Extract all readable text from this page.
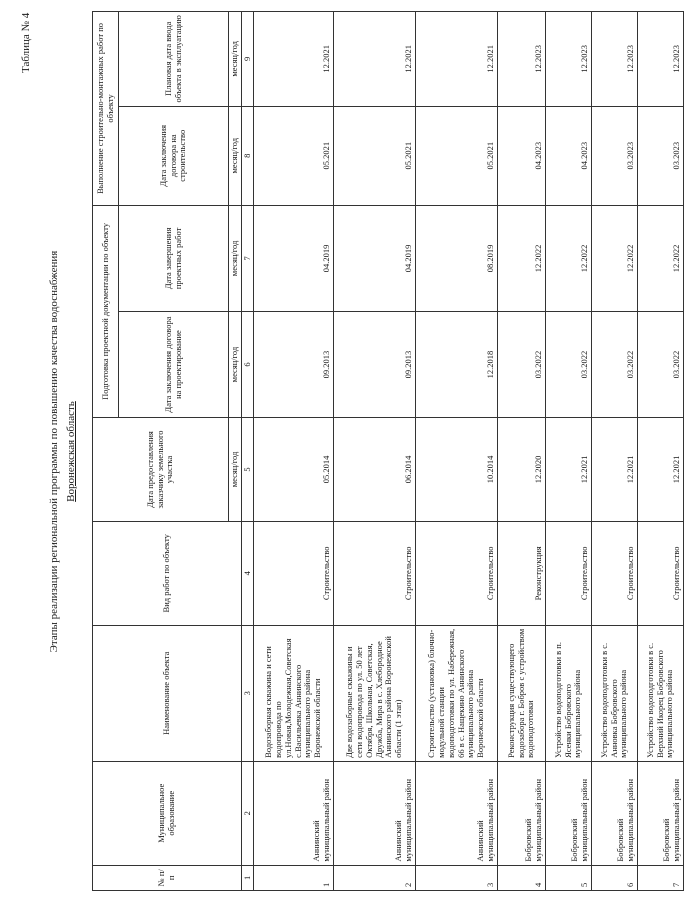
Таблица № 4
Этапы реализации региональной программы по повышению качества водоснабжения Воронежская область
№ п/п	Муниципальное образование	Наименование объекта	Вид работ по объекту	Дата предоставления заказчику земельного участка	Подготовка проектной документации по объекту		Выполнение строительно-монтажных работ по объекту	
					Дата заключения договора на проектирование	Дата завершения проектных работ	Дата заключения договора на строительство	Плановая дата ввода объекта в эксплуатацию
				месяц/год	месяц/год	месяц/год	месяц/год	месяц/год
1	2	3	4	5	6	7	8	9
1	Аннинский муниципальный район	Водозаборная скважина и сети водопровода по ул.Новая,Молодежная,Советская с.Васильевка Аннинского муниципального района Воронежской области	Строительство	05.2014	09.2013	04.2019	05.2021	12.2021
2	Аннинский муниципальный район	Две водозаборные скважины и сети водопровода по ул. 50 лет Октября, Школьная, Советская, Дружба, Мира в с. Хлебородное Аннинского района Воронежской области (1 этап)	Строительство	06.2014	09.2013	04.2019	05.2021	12.2021
3	Аннинский муниципальный район	Строительство (установка) блочно-модульной станции водоподготовки по ул. Набережная, 66 в с. Нащекино Аннинского муниципального района Воронежской области	Строительство	10.2014	12.2018	08.2019	05.2021	12.2021
4	Бобровский муниципальный район	Реконструкция существующего водозабора г. Бобров с устройством водоподготовки	Реконструкция	12.2020	03.2022	12.2022	04.2023	12.2023
5	Бобровский муниципальный район	Устройство водоподготовки в п. Ясенки Бобровского муниципального района	Строительство	12.2021	03.2022	12.2022	04.2023	12.2023
6	Бобровский муниципальный район	Устройство водоподготовки в с. Анновка Бобровского муниципального района	Строительство	12.2021	03.2022	12.2022	03.2023	12.2023
7	Бобровский муниципальный район	Устройство водоподготовки в с. Верхний Икорец Бобровского муниципального района	Строительство	12.2021	03.2022	12.2022	03.2023	12.2023
